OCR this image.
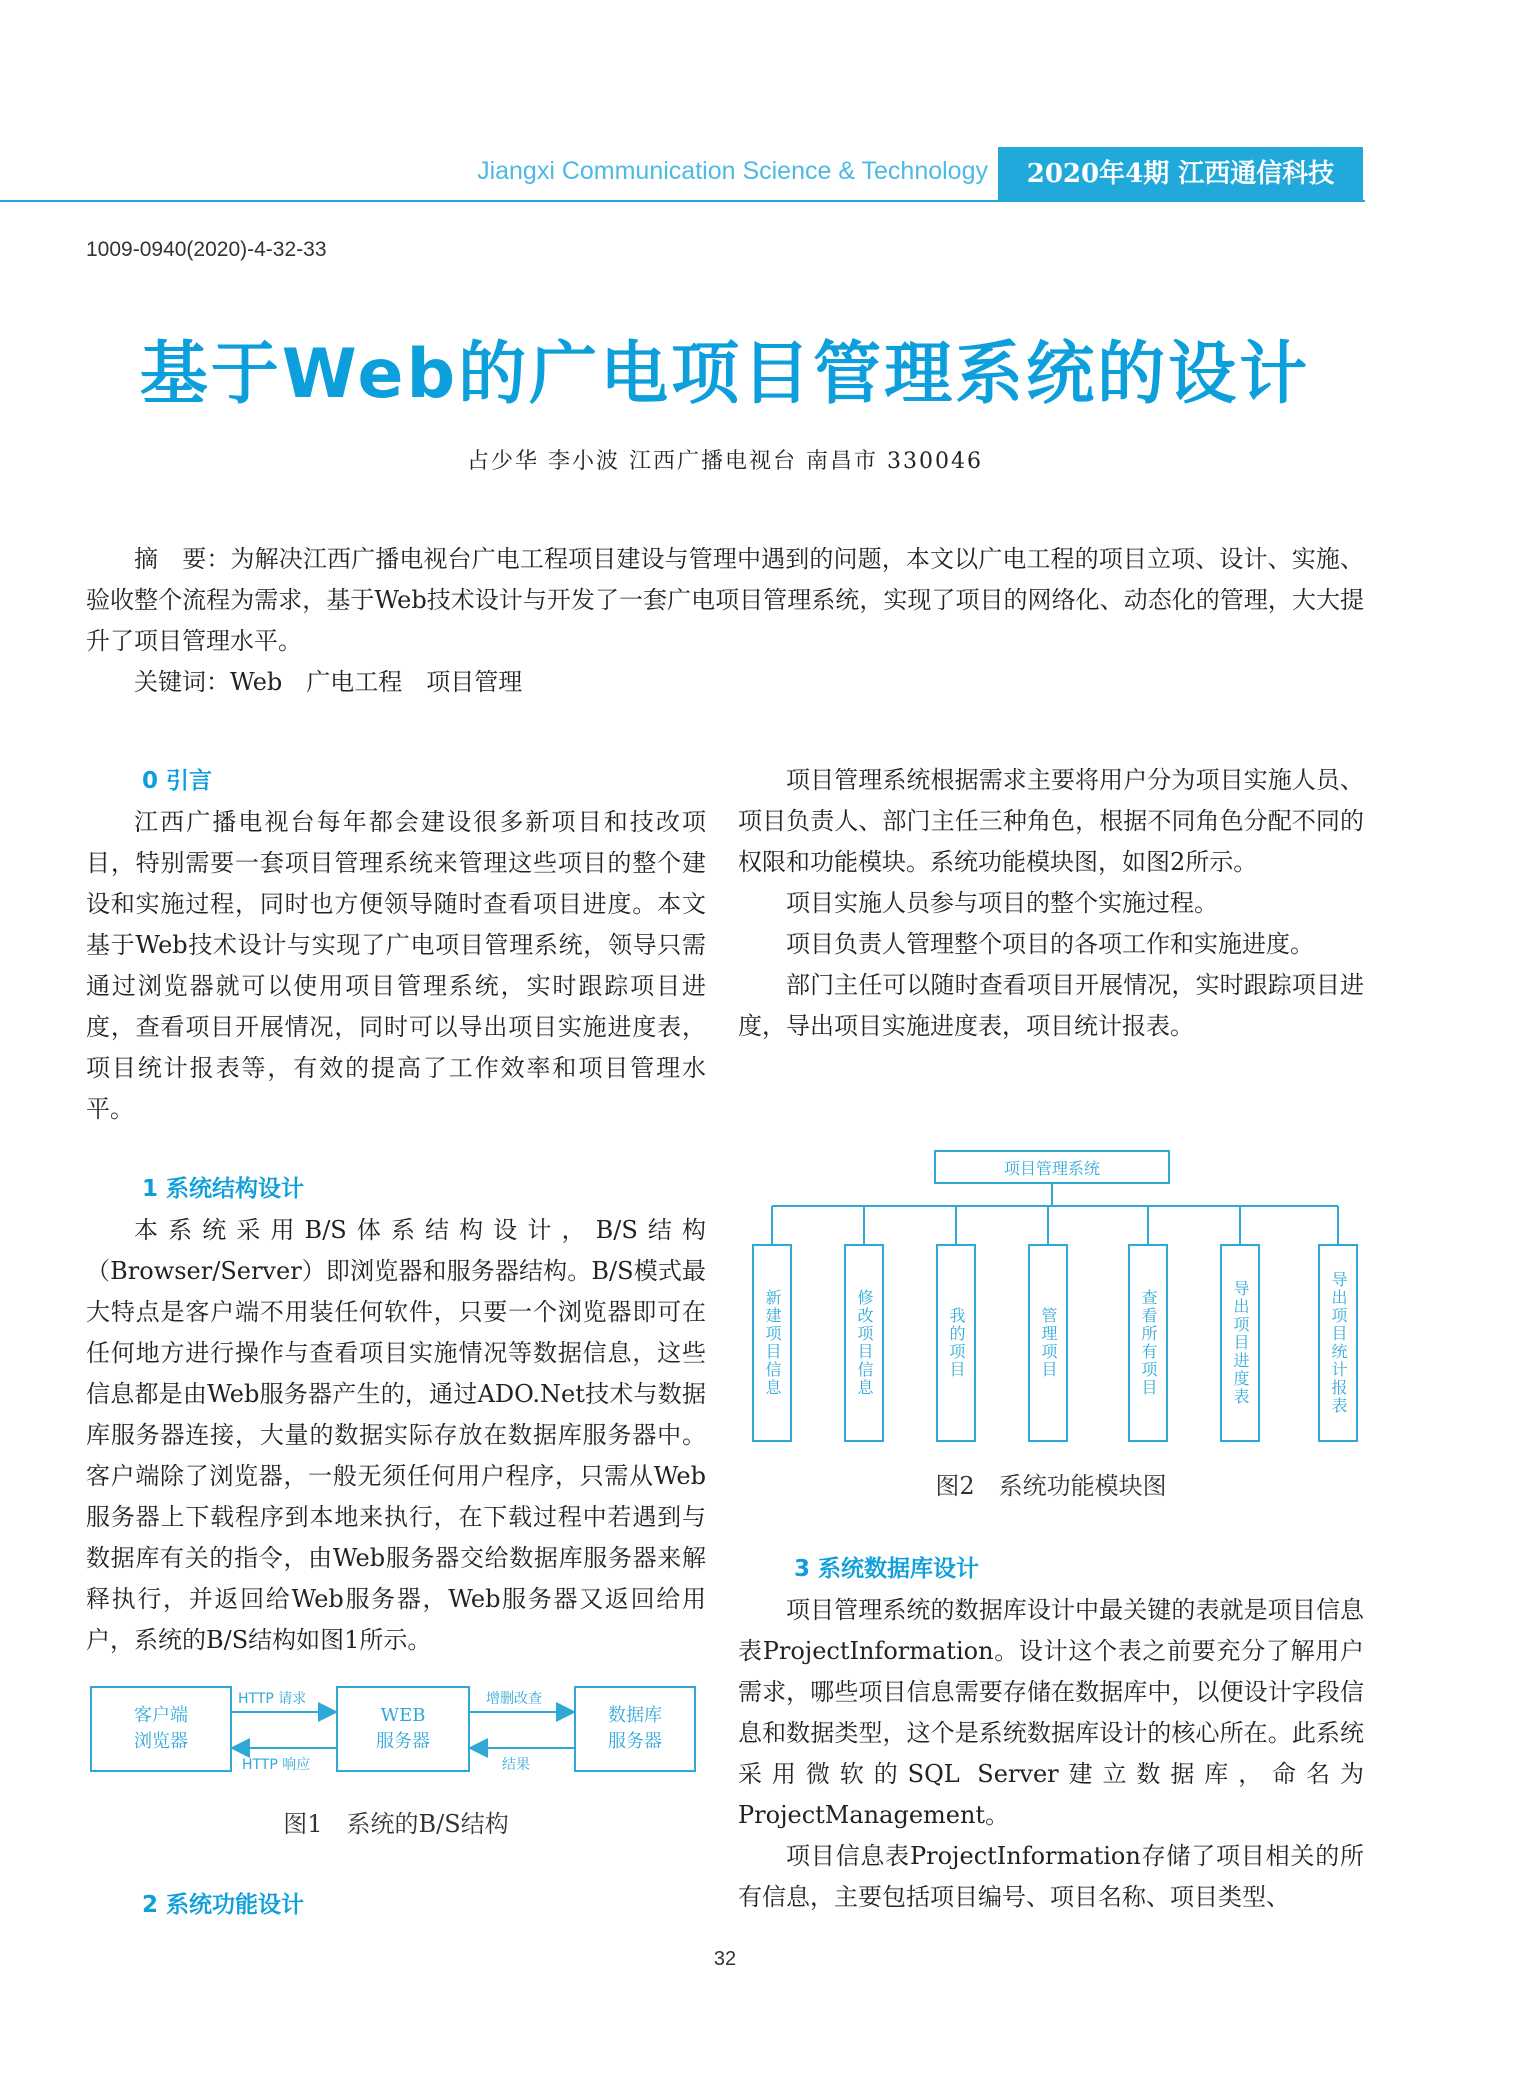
Jiangxi Communication Science & Technology	2020年4期 江西通信科技
1009-0940(2020)-4-32-33
基于Web的广电项目管理系统的设计
占少华 李小波 江西广播电视台 南昌市 330046
摘　要：为解决江西广播电视台广电工程项目建设与管理中遇到的问题，本文以广电工程的项目立项、设计、实施、验收整个流程为需求，基于Web技术设计与开发了一套广电项目管理系统，实现了项目的网络化、动态化的管理，大大提升了项目管理水平。
关键词：Web　广电工程　项目管理
0 引言

江西广播电视台每年都会建设很多新项目和技改项目，特别需要一套项目管理系统来管理这些项目的整个建设和实施过程，同时也方便领导随时查看项目进度。本文基于Web技术设计与实现了广电项目管理系统，领导只需通过浏览器就可以使用项目管理系统，实时跟踪项目进度，查看项目开展情况，同时可以导出项目实施进度表，项目统计报表等，有效的提高了工作效率和项目管理水平。

1 系统结构设计

本系统采用B/S体系结构设计，B/S结构（Browser/Server）即浏览器和服务器结构。B/S模式最大特点是客户端不用装任何软件，只要一个浏览器即可在任何地方进行操作与查看项目实施情况等数据信息，这些信息都是由Web服务器产生的，通过ADO.Net技术与数据库服务器连接，大量的数据实际存放在数据库服务器中。客户端除了浏览器，一般无须任何用户程序，只需从Web服务器上下载程序到本地来执行，在下载过程中若遇到与数据库有关的指令，由Web服务器交给数据库服务器来解释执行，并返回给Web服务器，Web服务器又返回给用户，系统的B/S结构如图1所示。

客户端
浏览器
WEB
服务器
数据库
服务器
HTTP 请求
HTTP 响应
增删改查
结果
图1　系统的B/S结构
2 系统功能设计

项目管理系统根据需求主要将用户分为项目实施人员、项目负责人、部门主任三种角色，根据不同角色分配不同的权限和功能模块。系统功能模块图，如图2所示。

项目实施人员参与项目的整个实施过程。

项目负责人管理整个项目的各项工作和实施进度。

部门主任可以随时查看项目开展情况，实时跟踪项目进度，导出项目实施进度表，项目统计报表。

项目管理系统
新建项目信息	修改项目信息	我的项目	管理项目	查看所有项目	导出项目进度表	导出项目统计报表
图2　系统功能模块图
3 系统数据库设计

项目管理系统的数据库设计中最关键的表就是项目信息表ProjectInformation。设计这个表之前要充分了解用户需求，哪些项目信息需要存储在数据库中，以便设计字段信息和数据类型，这个是系统数据库设计的核心所在。此系统采用微软的SQL Server建立数据库，命名为ProjectManagement。

项目信息表ProjectInformation存储了项目相关的所有信息，主要包括项目编号、项目名称、项目类型、

32
